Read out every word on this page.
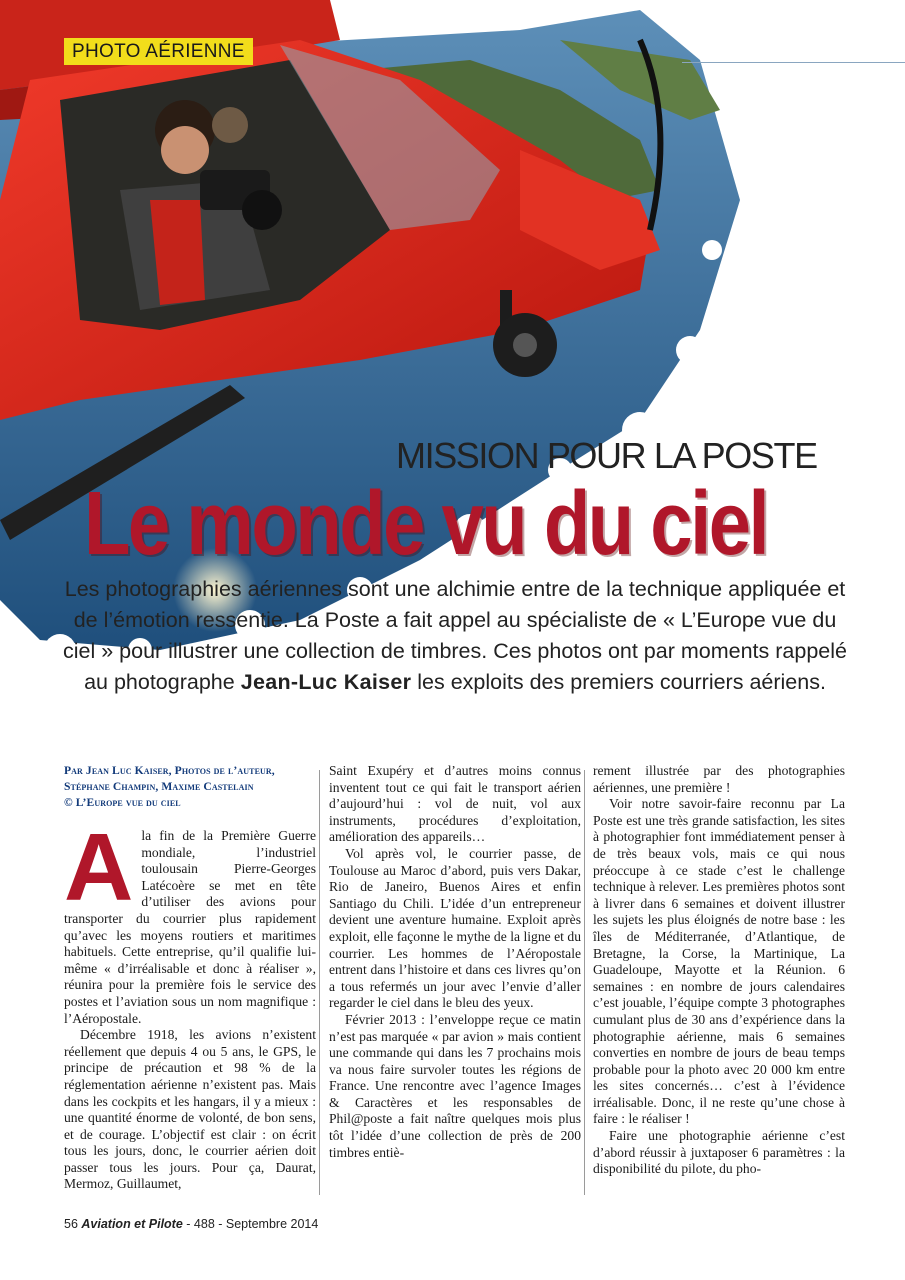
PHOTO AÉRIENNE
MISSION POUR LA POSTE
Le monde vu du ciel
Les photographies aériennes sont une alchimie entre de la technique appliquée et de l’émotion ressentie. La Poste a fait appel au spécialiste de « L’Europe vue du ciel » pour illustrer une collection de timbres. Ces photos ont par moments rappelé au photographe Jean-Luc Kaiser les exploits des premiers courriers aériens.
Par Jean Luc Kaiser, Photos de l’auteur,
Stéphane Champin, Maxime Castelain
© L’Europe vue du ciel

Ala fin de la Première Guerre mondiale, l’industriel toulousain Pierre-Georges Latécoère se met en tête d’utiliser des avions pour transporter du courrier plus rapidement qu’avec les moyens routiers et maritimes habituels. Cette entreprise, qu’il qualifie lui-même « d’irréalisable et donc à réaliser », réunira pour la première fois le service des postes et l’aviation sous un nom magnifique : l’Aéropostale.

Décembre 1918, les avions n’existent réellement que depuis 4 ou 5 ans, le GPS, le principe de précaution et 98 % de la réglementation aérienne n’existent pas. Mais dans les cockpits et les hangars, il y a mieux : une quantité énorme de volonté, de bon sens, et de courage. L’objectif est clair : on écrit tous les jours, donc, le courrier aérien doit passer tous les jours. Pour ça, Daurat, Mermoz, Guillaumet,

Saint Exupéry et d’autres moins connus inventent tout ce qui fait le transport aérien d’aujourd’hui : vol de nuit, vol aux instruments, procédures d’exploitation, amélioration des appareils…

Vol après vol, le courrier passe, de Toulouse au Maroc d’abord, puis vers Dakar, Rio de Janeiro, Buenos Aires et enfin Santiago du Chili. L’idée d’un entrepreneur devient une aventure humaine. Exploit après exploit, elle façonne le mythe de la ligne et du courrier. Les hommes de l’Aéropostale entrent dans l’histoire et dans ces livres qu’on a tous refermés un jour avec l’envie d’aller regarder le ciel dans le bleu des yeux.

Février 2013 : l’enveloppe reçue ce matin n’est pas marquée « par avion » mais contient une commande qui dans les 7 prochains mois va nous faire survoler toutes les régions de France. Une rencontre avec l’agence Images & Caractères et les responsables de Phil@poste a fait naître quelques mois plus tôt l’idée d’une collection de près de 200 timbres entiè-

rement illustrée par des photographies aériennes, une première !

Voir notre savoir-faire reconnu par La Poste est une très grande satisfaction, les sites à photographier font immédiatement penser à de très beaux vols, mais ce qui nous préoccupe à ce stade c’est le challenge technique à relever. Les premières photos sont à livrer dans 6 semaines et doivent illustrer les sujets les plus éloignés de notre base : les îles de Méditerranée, d’Atlantique, de Bretagne, la Corse, la Martinique, La Guadeloupe, Mayotte et la Réunion. 6 semaines : en nombre de jours calendaires c’est jouable, l’équipe compte 3 photographes cumulant plus de 30 ans d’expérience dans la photographie aérienne, mais 6 semaines converties en nombre de jours de beau temps probable pour la photo avec 20 000 km entre les sites concernés… c’est à l’évidence irréalisable. Donc, il ne reste qu’une chose à faire : le réaliser !

Faire une photographie aérienne c’est d’abord réussir à juxtaposer 6 paramètres : la disponibilité du pilote, du pho-

56 Aviation et Pilote - 488 - Septembre 2014
